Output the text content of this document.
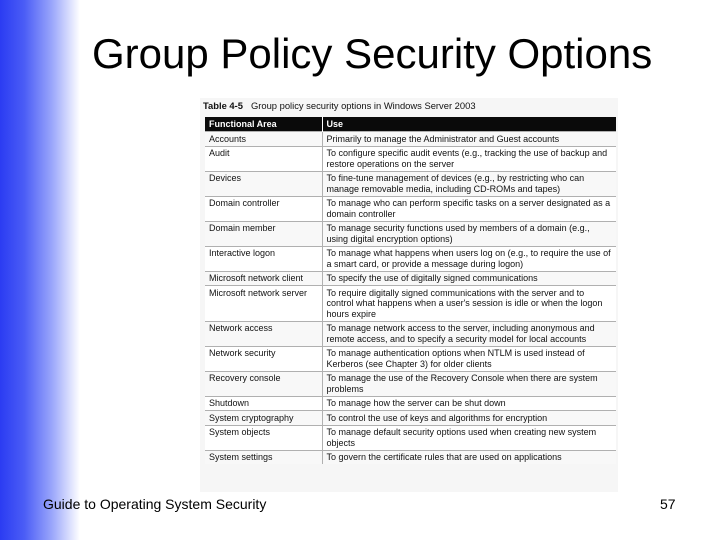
Group Policy Security Options
Table 4-5 Group policy security options in Windows Server 2003
Functional Area	Use
Accounts	Primarily to manage the Administrator and Guest accounts
Audit	To configure specific audit events (e.g., tracking the use of backup and restore operations on the server
Devices	To fine-tune management of devices (e.g., by restricting who can manage removable media, including CD-ROMs and tapes)
Domain controller	To manage who can perform specific tasks on a server designated as a domain controller
Domain member	To manage security functions used by members of a domain (e.g., using digital encryption options)
Interactive logon	To manage what happens when users log on (e.g., to require the use of a smart card, or provide a message during logon)
Microsoft network client	To specify the use of digitally signed communications
Microsoft network server	To require digitally signed communications with the server and to control what happens when a user's session is idle or when the logon hours expire
Network access	To manage network access to the server, including anonymous and remote access, and to specify a security model for local accounts
Network security	To manage authentication options when NTLM is used instead of Kerberos (see Chapter 3) for older clients
Recovery console	To manage the use of the Recovery Console when there are system problems
Shutdown	To manage how the server can be shut down
System cryptography	To control the use of keys and algorithms for encryption
System objects	To manage default security options used when creating new system objects
System settings	To govern the certificate rules that are used on applications
Guide to Operating System Security	57
